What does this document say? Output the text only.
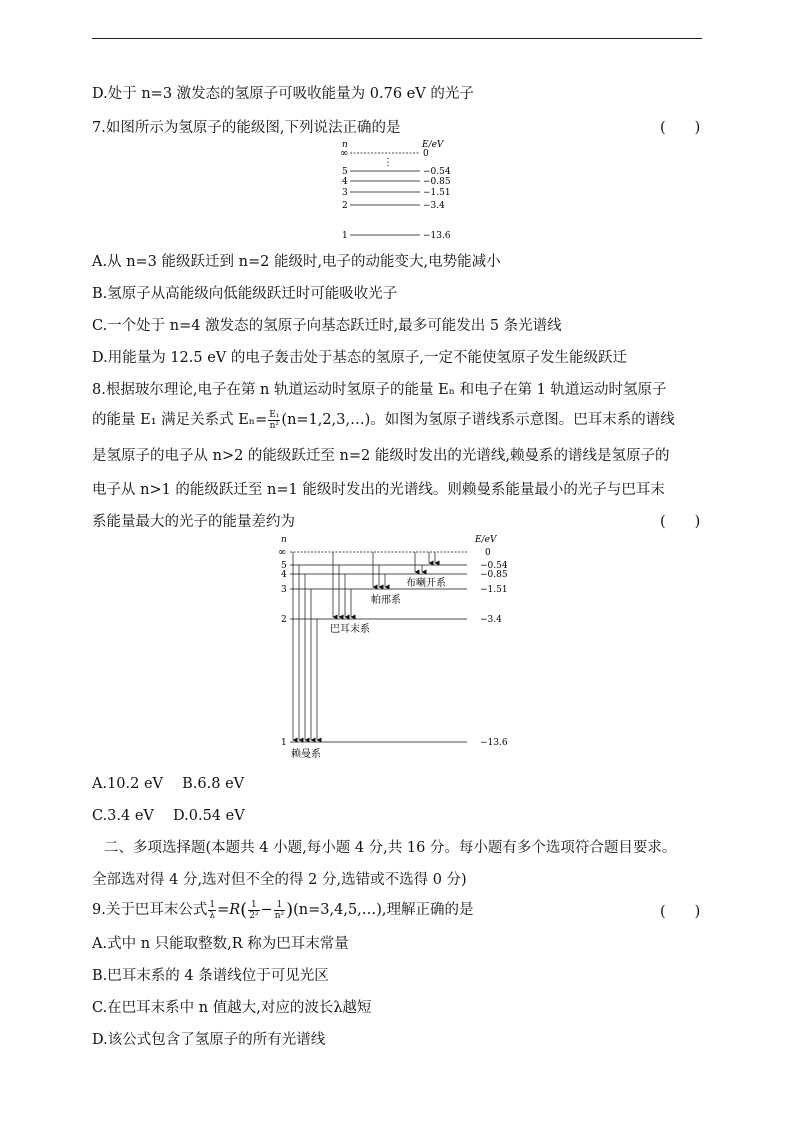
D.处于 n=3 激发态的氢原子可吸收能量为 0.76 eV 的光子
7.如图所示为氢原子的能级图,下列说法正确的是	(　　)
n	E/eV
∞	0
⋮
5	−0.54
4	−0.85
3	−1.51
2	−3.4
1	−13.6
A.从 n=3 能级跃迁到 n=2 能级时,电子的动能变大,电势能减小
B.氢原子从高能级向低能级跃迁时可能吸收光子
C.一个处于 n=4 激发态的氢原子向基态跃迁时,最多可能发出 5 条光谱线
D.用能量为 12.5 eV 的电子轰击处于基态的氢原子,一定不能使氢原子发生能级跃迁
8.根据玻尔理论,电子在第 n 轨道运动时氢原子的能量 Eₙ 和电子在第 1 轨道运动时氢原子
的能量 E₁ 满足关系式 $E_n= \frac{\text{E₁}}{\text{n²}}$ (n=1,2,3,…)。如图为氢原子谱线系示意图。巴耳末系的谱线
是氢原子的电子从 n>2 的能级跃迁至 n=2 能级时发出的光谱线,赖曼系的谱线是氢原子的
电子从 n>1 的能级跃迁至 n=1 能级时发出的光谱线。则赖曼系能量最小的光子与巴耳末
系能量最大的光子的能量差约为	(　　)
n	E/eV
∞	0
5	−0.54
4	−0.85
3	−1.51
2	−3.4
1	−13.6
赖曼系
巴耳末系
帕邢系
布喇开系
A.10.2 eV　 B.6.8 eV
C.3.4 eV　 D.0.54 eV
二、多项选择题(本题共 4 小题,每小题 4 分,共 16 分。每小题有多个选项符合题目要求。
全部选对得 4 分,选对但不全的得 2 分,选错或不选得 0 分)
9.关于巴耳末公式 $\frac{1}{\lambda} =R( \frac{1}{\text{2²}} - \frac{1}{\text{n²}}$ )(n=3,4,5,…),理解正确的是	(　　)
A.式中 n 只能取整数,R 称为巴耳末常量
B.巴耳末系的 4 条谱线位于可见光区
C.在巴耳末系中 n 值越大,对应的波长λ越短
D.该公式包含了氢原子的所有光谱线
